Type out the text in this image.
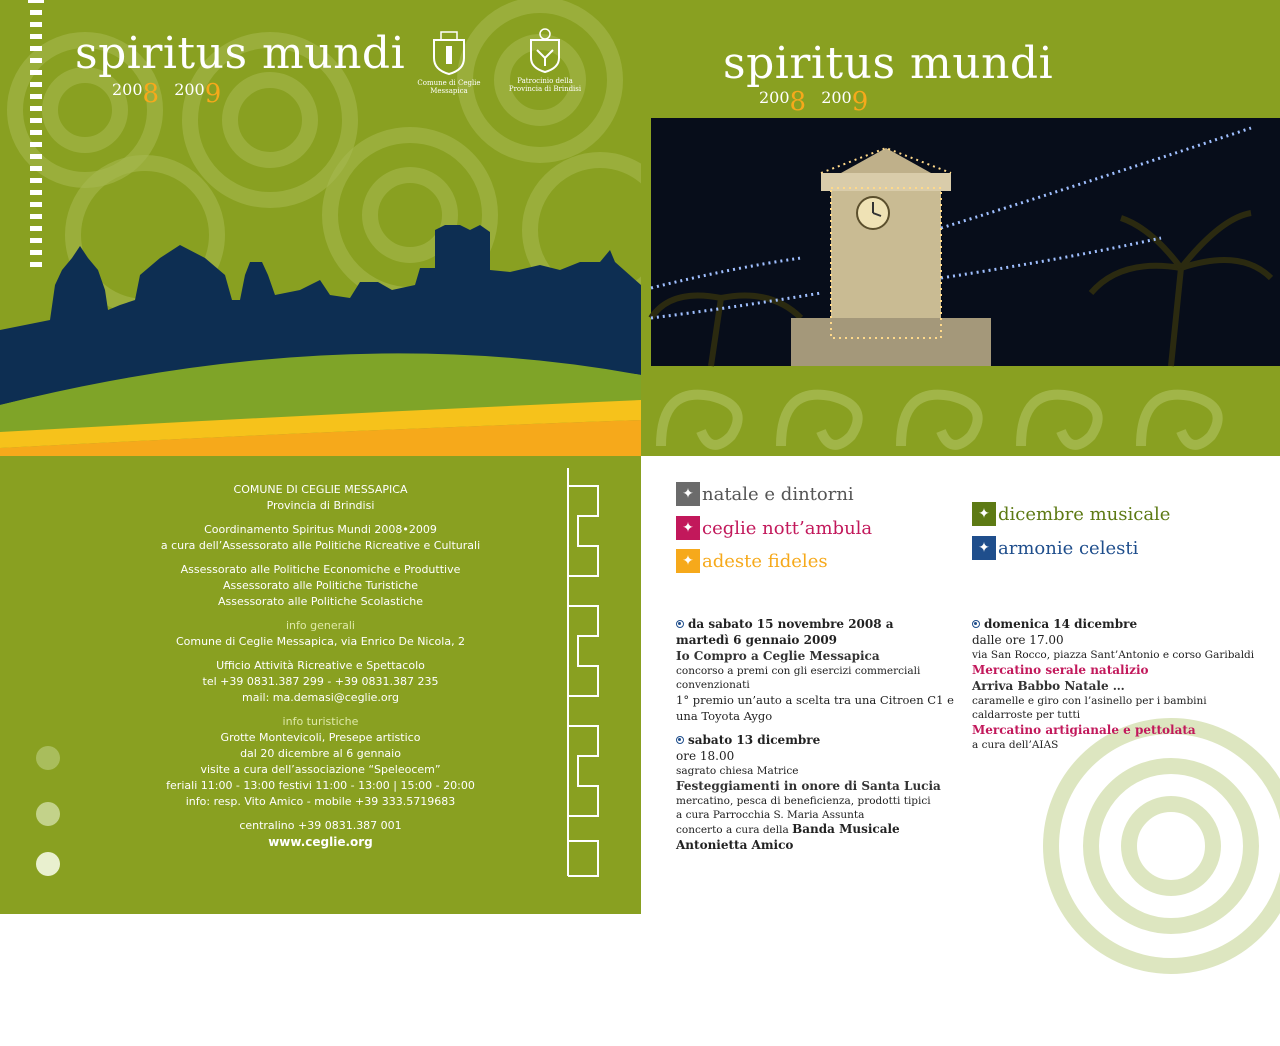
spiritus mundi
2008 2009	Comune di Ceglie Messapica
Patrocinio della
Provincia di Brindisi
COMUNE DI CEGLIE MESSAPICA
Provincia di Brindisi
Coordinamento Spiritus Mundi 2008•2009
a cura dell’Assessorato alle Politiche Ricreative e Culturali
Assessorato alle Politiche Economiche e Produttive
Assessorato alle Politiche Turistiche
Assessorato alle Politiche Scolastiche
info generali
Comune di Ceglie Messapica, via Enrico De Nicola, 2
Ufficio Attività Ricreative e Spettacolo
tel +39 0831.387 299 - +39 0831.387 235
mail: ma.demasi@ceglie.org
info turistiche
Grotte Montevicoli, Presepe artistico
dal 20 dicembre al 6 gennaio
visite a cura dell’associazione “Speleocem”
feriali 11:00 - 13:00 festivi 11:00 - 13:00 | 15:00 - 20:00
info: resp. Vito Amico - mobile +39 333.5719683
centralino +39 0831.387 001
www.ceglie.org
iemme comunicazione visiva
spiritus mundi
2008 2009
✦ natale e dintorni
✦ ceglie nott’ambula
✦ adeste fideles
✦ dicembre musicale
✦ armonie celesti
da sabato 15 novembre 2008 a
martedì 6 gennaio 2009
Io Compro a Ceglie Messapica
concorso a premi con gli esercizi commerciali convenzionati
1° premio un’auto a scelta tra una Citroen C1 e
una Toyota Aygo
sabato 13 dicembre
ore 18.00
sagrato chiesa Matrice
Festeggiamenti in onore di Santa Lucia
mercatino, pesca di beneficienza, prodotti tipici
a cura Parrocchia S. Maria Assunta
concerto a cura della Banda Musicale
Antonietta Amico
domenica 14 dicembre
dalle ore 17.00
via San Rocco, piazza Sant’Antonio e corso Garibaldi
Mercatino serale natalizio
Arriva Babbo Natale …
caramelle e giro con l’asinello per i bambini
caldarroste per tutti
Mercatino artigianale e pettolata
a cura dell’AIAS
